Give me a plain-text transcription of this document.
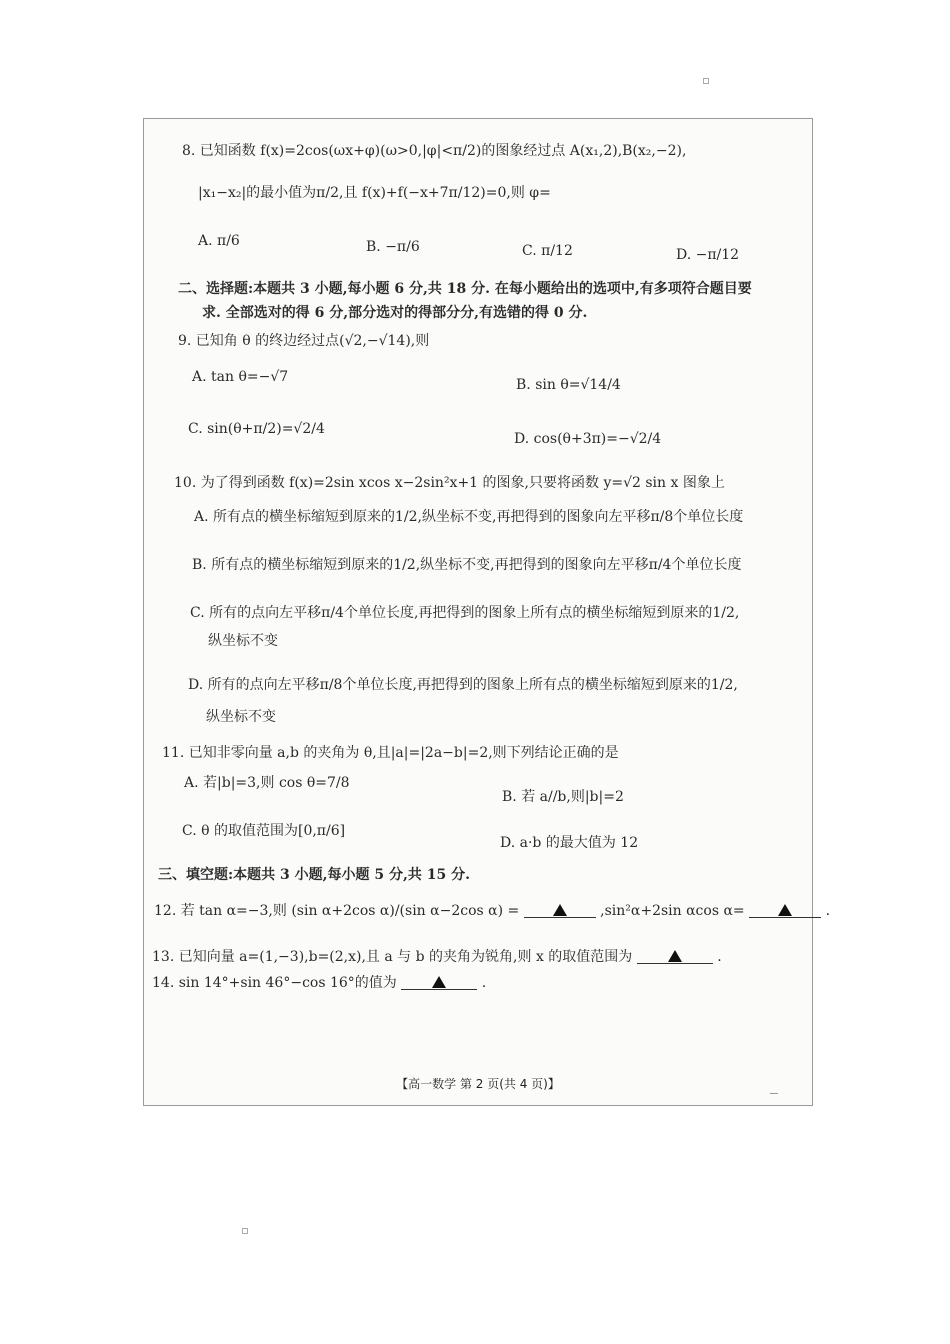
8. 已知函数 f(x)=2cos(ωx+φ)(ω>0,|φ|<π/2)的图象经过点 A(x₁,2),B(x₂,−2),
|x₁−x₂|的最小值为π/2,且 f(x)+f(−x+7π/12)=0,则 φ=
A. π/6	B. −π/6	C. π/12	D. −π/12
二、选择题:本题共 3 小题,每小题 6 分,共 18 分. 在每小题给出的选项中,有多项符合题目要
求. 全部选对的得 6 分,部分选对的得部分分,有选错的得 0 分.
9. 已知角 θ 的终边经过点(√2,−√14),则
A. tan θ=−√7	B. sin θ=√14/4
C. sin(θ+π/2)=√2/4
D. cos(θ+3π)=−√2/4
10. 为了得到函数 f(x)=2sin xcos x−2sin²x+1 的图象,只要将函数 y=√2 sin x 图象上
A. 所有点的横坐标缩短到原来的1/2,纵坐标不变,再把得到的图象向左平移π/8个单位长度
B. 所有点的横坐标缩短到原来的1/2,纵坐标不变,再把得到的图象向左平移π/4个单位长度
C. 所有的点向左平移π/4个单位长度,再把得到的图象上所有点的横坐标缩短到原来的1/2,
纵坐标不变
D. 所有的点向左平移π/8个单位长度,再把得到的图象上所有点的横坐标缩短到原来的1/2,
纵坐标不变
11. 已知非零向量 a,b 的夹角为 θ,且|a|=|2a−b|=2,则下列结论正确的是
A. 若|b|=3,则 cos θ=7/8
B. 若 a//b,则|b|=2
C. θ 的取值范围为[0,π/6]
D. a·b 的最大值为 12
三、填空题:本题共 3 小题,每小题 5 分,共 15 分.
12. 若 tan α=−3,则 (sin α+2cos α)/(sin α−2cos α) =	,sin²α+2sin αcos α=	.
13. 已知向量 a=(1,−3),b=(2,x),且 a 与 b 的夹角为锐角,则 x 的取值范围为	.
14. sin 14°+sin 46°−cos 16°的值为	.
【高一数学 第 2 页(共 4 页)】
